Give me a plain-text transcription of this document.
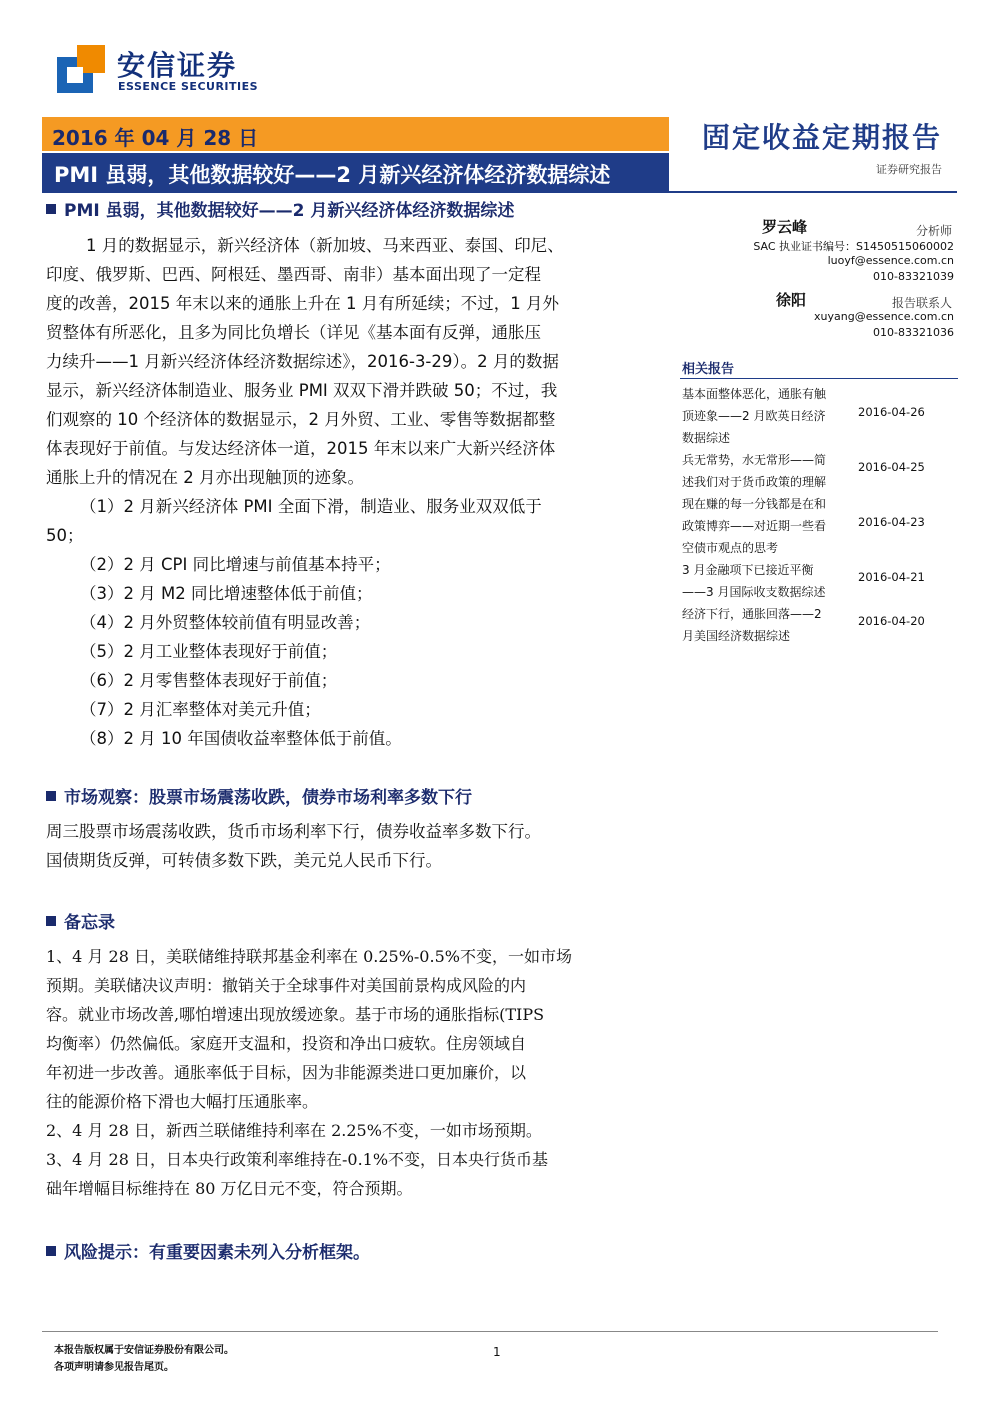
安信证券
ESSENCE SECURITIES
2016 年 04 月 28 日
PMI 虽弱，其他数据较好——2 月新兴经济体经济数据综述
固定收益定期报告
证券研究报告
PMI 虽弱，其他数据较好——2 月新兴经济体经济数据综述
1 月的数据显示，新兴经济体（新加坡、马来西亚、泰国、印尼、
印度、俄罗斯、巴西、阿根廷、墨西哥、南非）基本面出现了一定程
度的改善，2015 年末以来的通胀上升在 1 月有所延续；不过，1 月外
贸整体有所恶化，且多为同比负增长（详见《基本面有反弹，通胀压
力续升——1 月新兴经济体经济数据综述》，2016-3-29）。2 月的数据
显示，新兴经济体制造业、服务业 PMI 双双下滑并跌破 50；不过，我
们观察的 10 个经济体的数据显示，2 月外贸、工业、零售等数据都整
体表现好于前值。与发达经济体一道，2015 年末以来广大新兴经济体
通胀上升的情况在 2 月亦出现触顶的迹象。
（1）2 月新兴经济体 PMI 全面下滑，制造业、服务业双双低于
50；
（2）2 月 CPI 同比增速与前值基本持平；
（3）2 月 M2 同比增速整体低于前值；
（4）2 月外贸整体较前值有明显改善；
（5）2 月工业整体表现好于前值；
（6）2 月零售整体表现好于前值；
（7）2 月汇率整体对美元升值；
（8）2 月 10 年国债收益率整体低于前值。
市场观察：股票市场震荡收跌，债券市场利率多数下行
周三股票市场震荡收跌，货币市场利率下行，债券收益率多数下行。
国债期货反弹，可转债多数下跌，美元兑人民币下行。
备忘录
1、4 月 28 日，美联储维持联邦基金利率在 0.25%-0.5%不变，一如市场
预期。美联储决议声明：撤销关于全球事件对美国前景构成风险的内
容。就业市场改善,哪怕增速出现放缓迹象。基于市场的通胀指标(TIPS
均衡率）仍然偏低。家庭开支温和，投资和净出口疲软。住房领域自
年初进一步改善。通胀率低于目标，因为非能源类进口更加廉价，以
往的能源价格下滑也大幅打压通胀率。
2、4 月 28 日，新西兰联储维持利率在 2.25%不变，一如市场预期。
3、4 月 28 日，日本央行政策利率维持在-0.1%不变，日本央行货币基
础年增幅目标维持在 80 万亿日元不变，符合预期。
风险提示：有重要因素未列入分析框架。
罗云峰	分析师
SAC 执业证书编号：S1450515060002
luoyf@essence.com.cn
010-83321039
徐阳	报告联系人
xuyang@essence.com.cn
010-83321036
相关报告
基本面整体恶化，通胀有触
顶迹象——2 月欧英日经济
数据综述
2016-04-26
兵无常势，水无常形——简
述我们对于货币政策的理解
2016-04-25
现在赚的每一分钱都是在和
政策博弈——对近期一些看
空债市观点的思考
2016-04-23
3 月金融项下已接近平衡
——3 月国际收支数据综述
2016-04-21
经济下行，通胀回落——2
月美国经济数据综述
2016-04-20
本报告版权属于安信证券股份有限公司。
各项声明请参见报告尾页。
1
